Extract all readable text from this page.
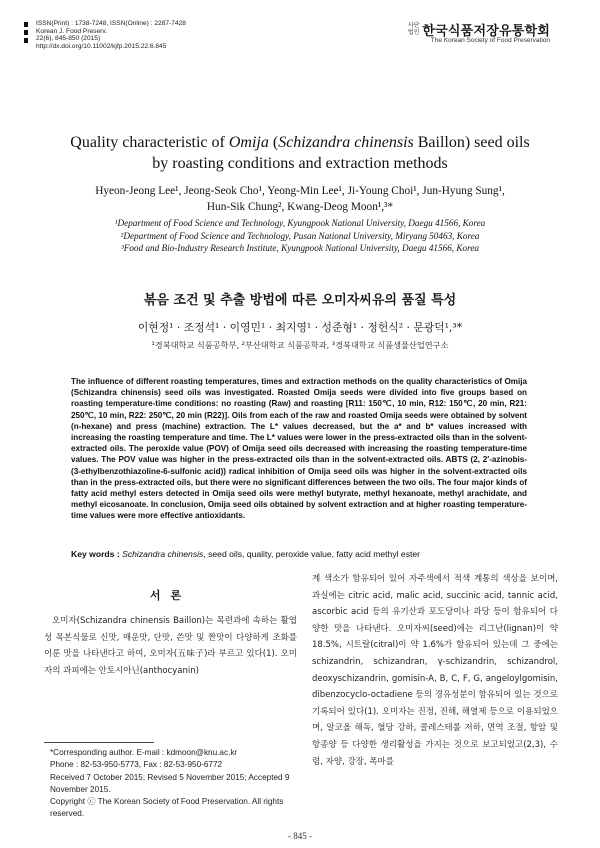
ISSN(Print) : 1738-7248, ISSN(Online) : 2287-7428
Korean J. Food Preserv.
22(6), 845-850 (2015)
http://dx.doi.org/10.11002/kjfp.2015.22.6.845
사단
법인 한국식품저장유통학회
The Korean Society of Food Preservation
Quality characteristic of Omija (Schizandra chinensis Baillon) seed oils
by roasting conditions and extraction methods
Hyeon-Jeong Lee¹, Jeong-Seok Cho¹, Yeong-Min Lee¹, Ji-Young Choi¹, Jun-Hyung Sung¹,
Hun-Sik Chung², Kwang-Deog Moon¹,³*
¹Department of Food Science and Technology, Kyungpook National University, Daegu 41566, Korea
²Department of Food Science and Technology, Pusan National University, Miryang 50463, Korea
³Food and Bio-Industry Research Institute, Kyungpook National University, Daegu 41566, Korea
볶음 조건 및 추출 방법에 따른 오미자씨유의 품질 특성
이현정¹ · 조정석¹ · 이영민¹ · 최지영¹ · 성준형¹ · 정헌식² · 문광덕¹,³*
¹경북대학교 식품공학부, ²부산대학교 식품공학과, ³경북대학교 식품생물산업연구소
The influence of different roasting temperatures, times and extraction methods on the quality characteristics of Omija (Schizandra chinensis) seed oils was investigated. Roasted Omija seeds were divided into five groups based on roasting temperature-time conditions: no roasting (Raw) and roasting [R11: 150℃, 10 min, R12: 150℃, 20 min, R21: 250℃, 10 min, R22: 250℃, 20 min (R22)]. Oils from each of the raw and roasted Omija seeds were obtained by solvent (n-hexane) and press (machine) extraction. The L* values decreased, but the a* and b* values increased with increasing the roasting temperature and time. The L* values were lower in the press-extracted oils than in the solvent-extracted oils. The peroxide value (POV) of Omija seed oils decreased with increasing the roasting temperature-time values. The POV value was higher in the press-extracted oils than in the solvent-extracted oils. ABTS (2, 2′-azinobis-(3-ethylbenzothiazoline-6-sulfonic acid)) radical inhibition of Omija seed oils was higher in the solvent-extracted oils than in the press-extracted oils, but there were no significant differences between the two oils. The four major kinds of fatty acid methyl esters detected in Omija seed oils were methyl butyrate, methyl hexanoate, methyl arachidate, and methyl eicosanoate. In conclusion, Omija seed oils obtained by solvent extraction and at higher roasting temperature-time values were more effective antioxidants.
Key words : Schizandra chinensis, seed oils, quality, peroxide value, fatty acid methyl ester
서론

오미자(Schizandra chinensis Baillon)는 목련과에 속하는 활엽성 목본식물로 신맛, 매운맛, 단맛, 쓴맛 및 짠맛이 다양하게 조화를 이룬 맛을 나타낸다고 하여, 오미자(五味子)라 부르고 있다(1). 오미자의 과피에는 안토시아닌(anthocyanin)

계 색소가 함유되어 있어 자주색에서 적색 계통의 색상을 보이며, 과실에는 citric acid, malic acid, succinic acid, tannic acid, ascorbic acid 등의 유기산과 포도당이나 과당 등이 함유되어 다양한 맛을 나타낸다. 오미자씨(seed)에는 리그난(lignan)이 약 18.5%, 시트랄(citral)이 약 1.6%가 함유되어 있는데 그 중에는 schizandrin, schizandran, γ-schizandrin, schizandrol, deoxyschizandrin, gomisin-A, B, C, F, G, angeloylgomisin, dibenzocyclo-octadiene 등의 경유성분이 함유되어 있는 것으로 기록되어 있다(1). 오미자는 진정, 진해, 해열제 등으로 이용되었으며, 알코올 해독, 혈당 강하, 콜레스테롤 저하, 면역 조절, 항암 및 항종양 등 다양한 생리활성을 가지는 것으로 보고되었고(2,3), 수렴, 자양, 강장, 폭마를

*Corresponding author. E-mail : kdmoon@knu.ac.kr

Phone : 82-53-950-5773, Fax : 82-53-950-6772

Received 7 October 2015; Revised 5 November 2015; Accepted 9 November 2015.

Copyright ⓒ The Korean Society of Food Preservation. All rights reserved.

- 845 -
